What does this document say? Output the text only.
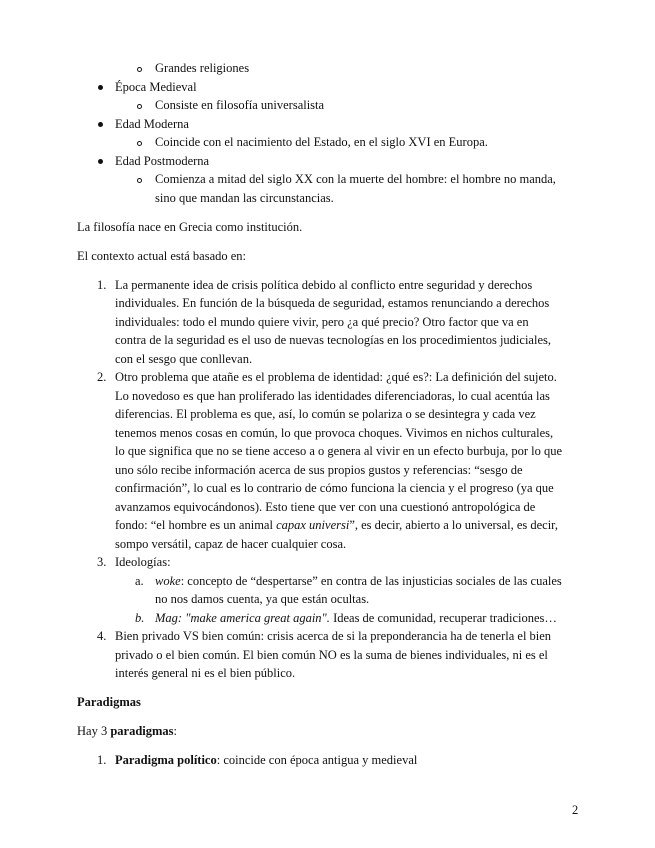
Grandes religiones
Época Medieval
Consiste en filosofía universalista
Edad Moderna
Coincide con el nacimiento del Estado, en el siglo XVI en Europa.
Edad Postmoderna
Comienza a mitad del siglo XX con la muerte del hombre: el hombre no manda,
sino que mandan las circunstancias.
La filosofía nace en Grecia como institución.
El contexto actual está basado en:
1. La permanente idea de crisis política debido al conflicto entre seguridad y derechos
individuales. En función de la búsqueda de seguridad, estamos renunciando a derechos
individuales: todo el mundo quiere vivir, pero ¿a qué precio? Otro factor que va en
contra de la seguridad es el uso de nuevas tecnologías en los procedimientos judiciales,
con el sesgo que conllevan.
2. Otro problema que atañe es el problema de identidad: ¿qué es?: La definición del sujeto.
Lo novedoso es que han proliferado las identidades diferenciadoras, lo cual acentúa las
diferencias. El problema es que, así, lo común se polariza o se desintegra y cada vez
tenemos menos cosas en común, lo que provoca choques. Vivimos en nichos culturales,
lo que significa que no se tiene acceso a o genera al vivir en un efecto burbuja, por lo que
uno sólo recibe información acerca de sus propios gustos y referencias: “sesgo de
confirmación”, lo cual es lo contrario de cómo funciona la ciencia y el progreso (ya que
avanzamos equivocándonos). Esto tiene que ver con una cuestionó antropológica de
fondo: “el hombre es un animal capax universi”, es decir, abierto a lo universal, es decir,
sompo versátil, capaz de hacer cualquier cosa.
3. Ideologías:
a. woke: concepto de “despertarse” en contra de las injusticias sociales de las cuales
no nos damos cuenta, ya que están ocultas.
b. Mag: "make america great again". Ideas de comunidad, recuperar tradiciones…
4. Bien privado VS bien común: crisis acerca de si la preponderancia ha de tenerla el bien
privado o el bien común. El bien común NO es la suma de bienes individuales, ni es el
interés general ni es el bien público.
Paradigmas
Hay 3 paradigmas:
1. Paradigma político: coincide con época antigua y medieval
2
